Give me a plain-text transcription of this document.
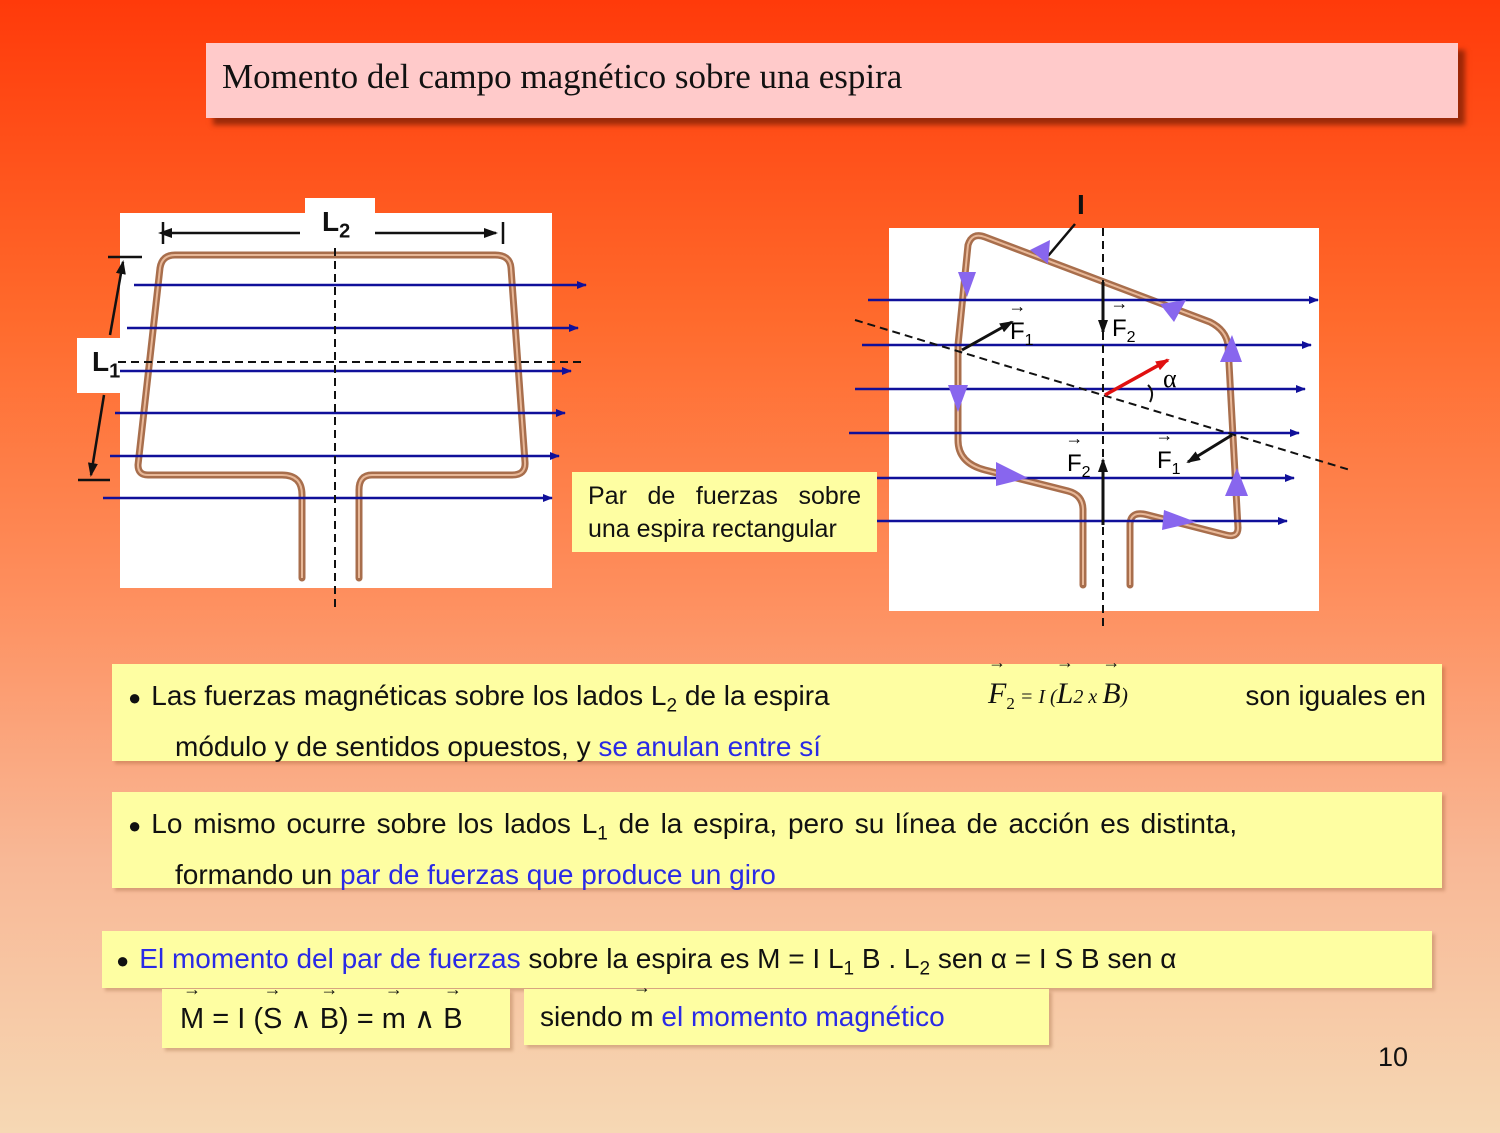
Momento del campo magnético sobre una espira
$L_2$
$L_1$
Par de fuerzas sobre
una espira rectangular
I
→ $F_1$	→ $F_2$
α
→ $F_2$	→ $F_1$
● Las fuerzas magnéticas sobre los lados $L_2$ de la espira	→ $F_2 = I$ (→ L2 x → B)	son iguales en
módulo y de sentidos opuestos, y se anulan entre sí
● Lo mismo ocurre sobre los lados $L_1$ de la espira, pero su línea de acción es distinta,
formando un par de fuerzas que produce un giro
● El momento del par de fuerzas sobre la espira es M = I $L_1$ B . $L_2$ sen α = I S B sen α
→ M = I (→ S ∧ → B) = → m ∧ → B	siendo → m el momento magnético
10
